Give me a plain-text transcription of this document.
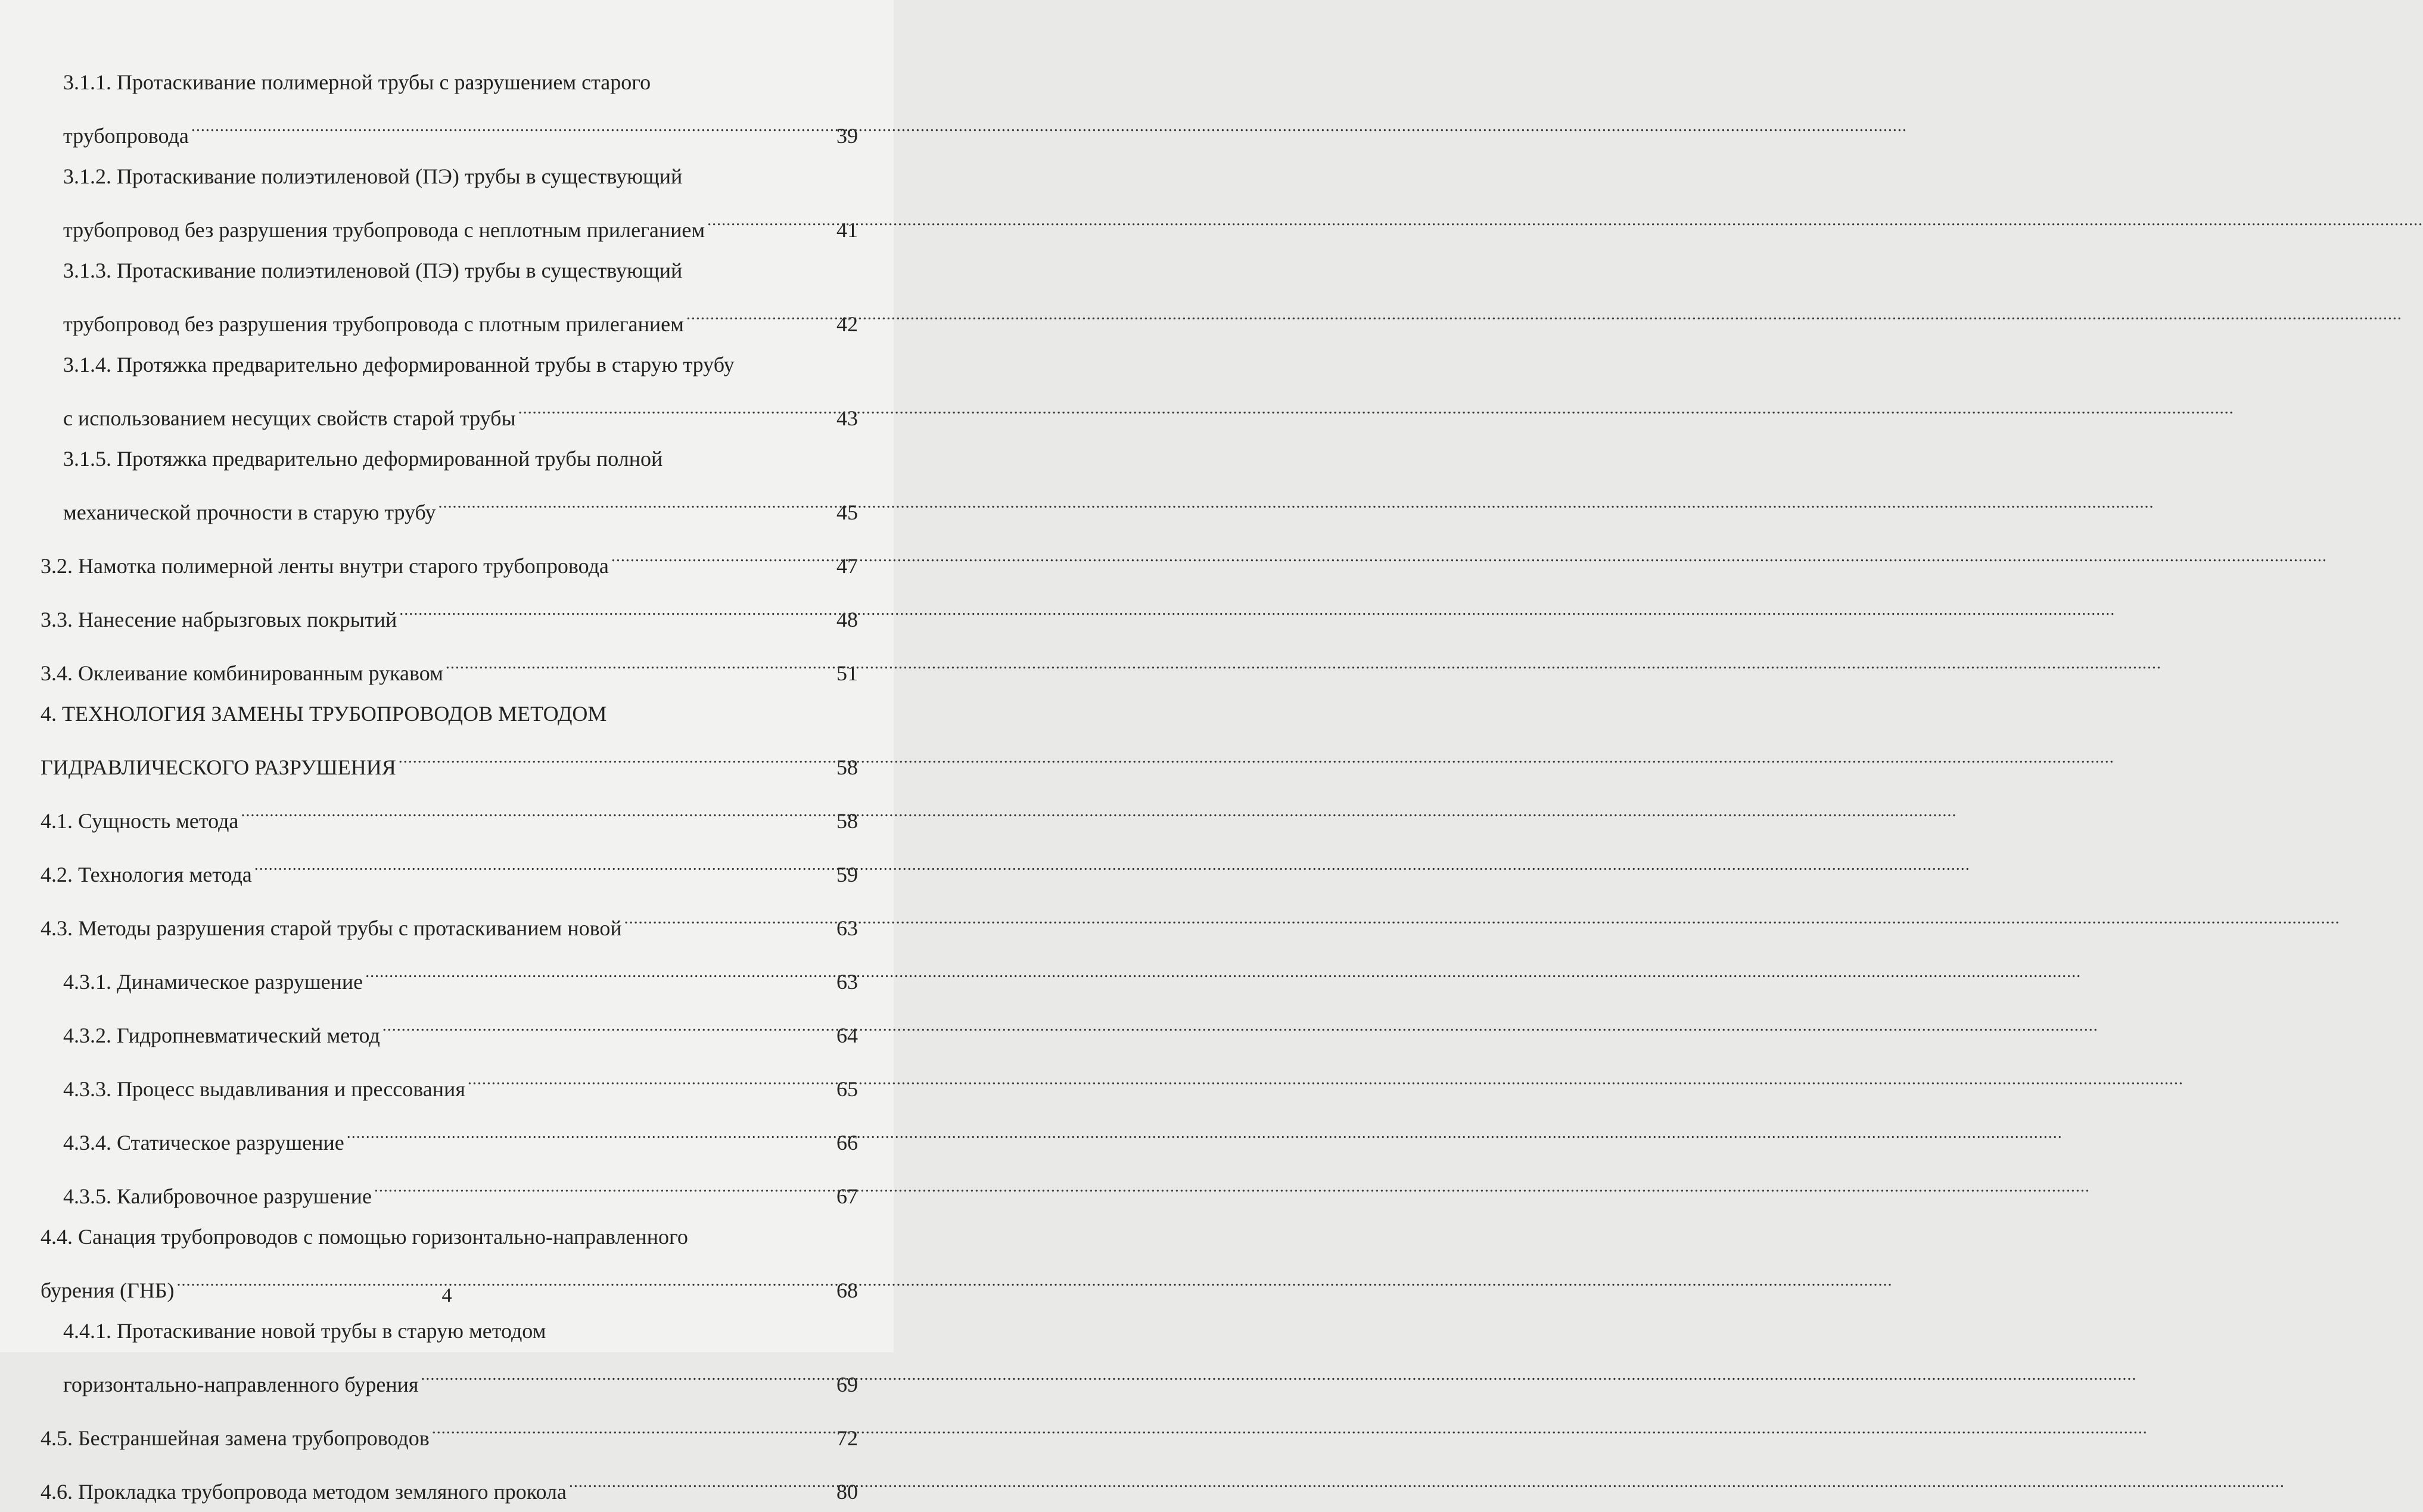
3.1.1. Протаскивание полимерной трубы с разрушением старого
трубопровода .....	39
3.1.2. Протаскивание полиэтиленовой (ПЭ) трубы в существующий
трубопровод без разрушения трубопровода с неплотным прилеганием .....	41
3.1.3. Протаскивание полиэтиленовой (ПЭ) трубы в существующий
трубопровод без разрушения трубопровода с плотным прилеганием .....	42
3.1.4. Протяжка предварительно деформированной трубы в старую трубу
с использованием несущих свойств старой трубы .....	43
3.1.5. Протяжка предварительно деформированной трубы полной
механической прочности в старую трубу .....	45
3.2. Намотка полимерной ленты внутри старого трубопровода .....	47
3.3. Нанесение набрызговых покрытий .....	48
3.4. Оклеивание комбинированным рукавом .....	51
4. ТЕХНОЛОГИЯ ЗАМЕНЫ ТРУБОПРОВОДОВ МЕТОДОМ
ГИДРАВЛИЧЕСКОГО РАЗРУШЕНИЯ .....	58
4.1. Сущность метода .....	58
4.2. Технология метода .....	59
4.3. Методы разрушения старой трубы с протаскиванием новой .....	63
4.3.1. Динамическое разрушение .....	63
4.3.2. Гидропневматический метод .....	64
4.3.3. Процесс выдавливания и прессования .....	65
4.3.4. Статическое разрушение .....	66
4.3.5. Калибровочное разрушение .....	67
4.4. Санация трубопроводов с помощью горизонтально-направленного
бурения (ГНБ) .....	68
4.4.1. Протаскивание новой трубы в старую методом
горизонтально-направленного бурения .....	69
4.5. Бестраншейная замена трубопроводов .....	72
4.6. Прокладка трубопровода методом земляного прокола .....	80
4
